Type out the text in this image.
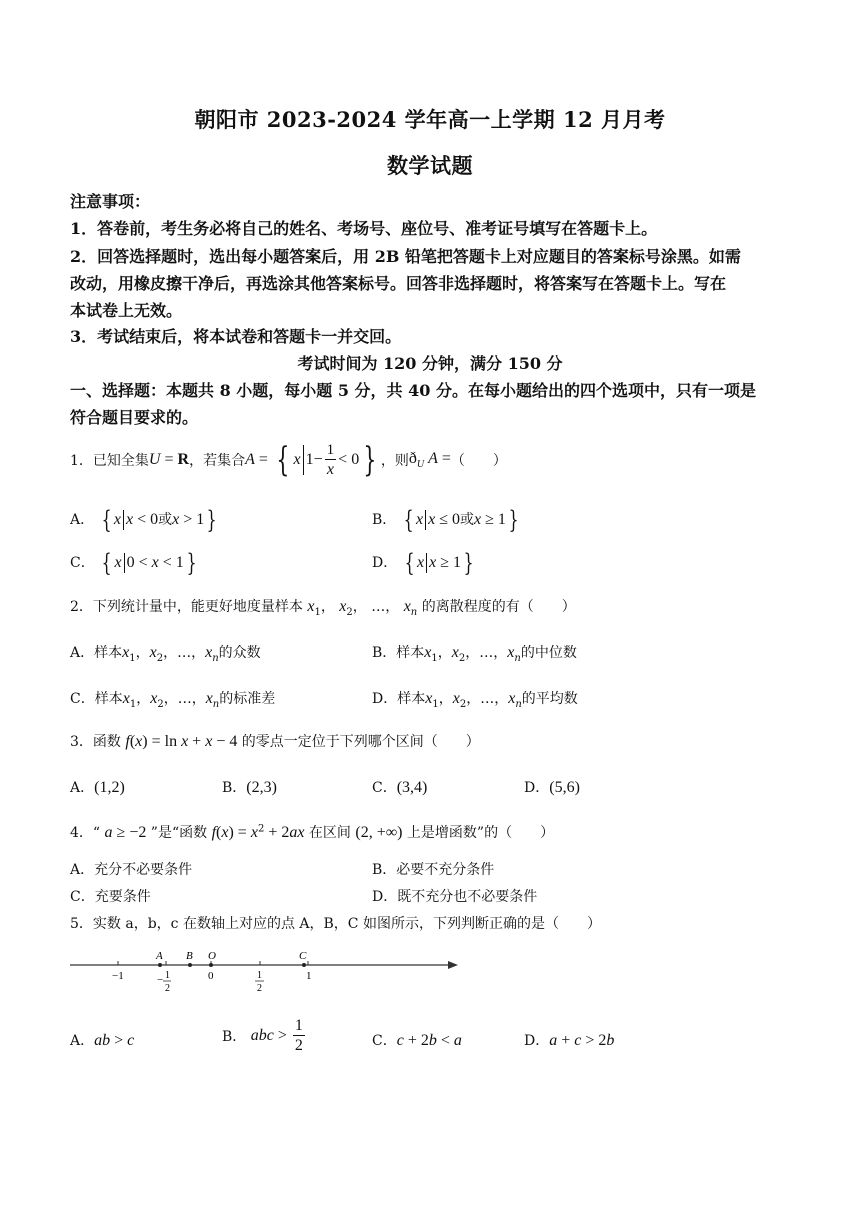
朝阳市 2023-2024 学年高一上学期 12 月月考
数学试题
注意事项：
1．答卷前，考生务必将自己的姓名、考场号、座位号、准考证号填写在答题卡上。
2．回答选择题时，选出每小题答案后，用 2B 铅笔把答题卡上对应题目的答案标号涂黑。如需
改动，用橡皮擦干净后，再选涂其他答案标号。回答非选择题时，将答案写在答题卡上。写在
本试卷上无效。
3．考试结束后，将本试卷和答题卡一并交回。
考试时间为 120 分钟，满分 150 分
一、选择题：本题共 8 小题，每小题 5 分，共 40 分。在每小题给出的四个选项中，只有一项是
符合题目要求的。
1．已知全集 U = R ，若集合 A = { x $1- \frac{1}{x} < 0$ } ，则 $ð_U$ A = （　　）
A． { x x < 0或x > 1 }	B． { x x ≤ 0或x ≥ 1 }
C． { x 0 < x < 1 }	D． { x x ≥ 1 }
2．下列统计量中，能更好地度量样本 $x_1$， $x_2$， …， $x_n$ 的离散程度的有（　　）
A．样本$x_1$，$x_2$，…，$x_n$的众数	B．样本$x_1$，$x_2$，…，$x_n$的中位数
C．样本$x_1$，$x_2$，…，$x_n$的标准差	D．样本$x_1$，$x_2$，…，$x_n$的平均数
3．函数 f(x) = ln x + x − 4 的零点一定位于下列哪个区间（　　）
A．(1,2)	B．(2,3)	C．(3,4)	D．(5,6)
4．“ a ≥ −2 ”是“函数 $f(x) = x^2 + 2ax$ 在区间 (2, +∞) 上是增函数”的（　　）
A．充分不必要条件	B．必要不充分条件
C．充要条件	D．既不充分也不必要条件
5．实数 a，b，c 在数轴上对应的点 A，B，C 如图所示，下列判断正确的是（　　）
A B O	C
−1	− 1
2
0	1
2
1
A．ab > c	B．
abc > $\frac{1}{2}$	C．c + 2b < a	D．a + c > 2b
